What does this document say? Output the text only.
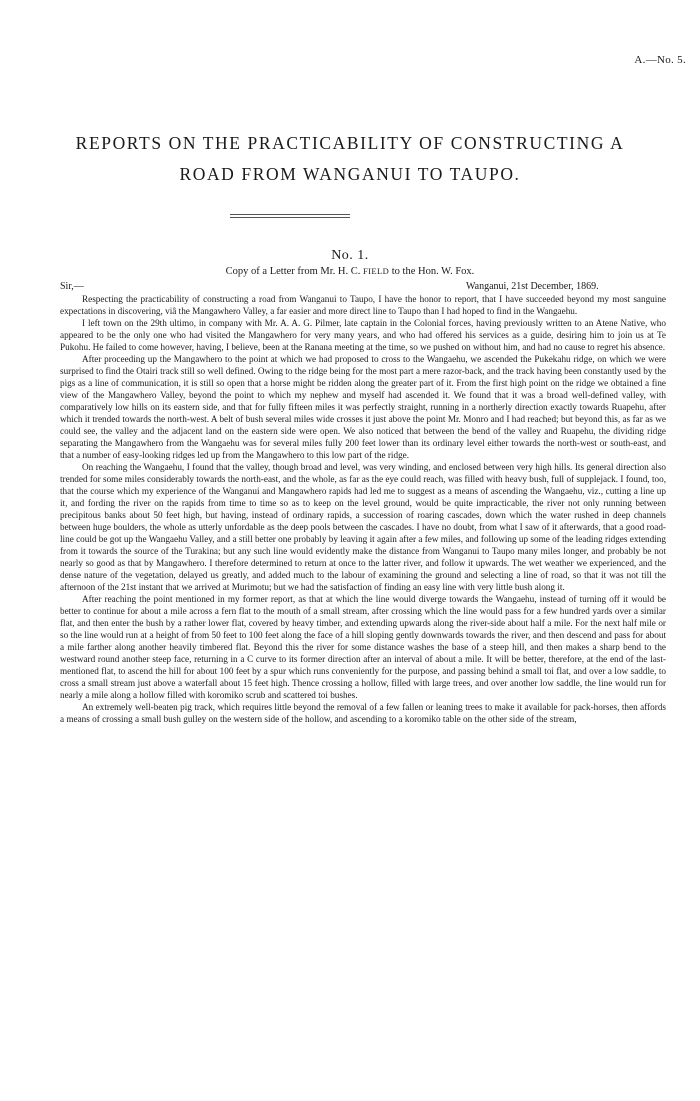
A.—No. 5.
REPORTS ON THE PRACTICABILITY OF CONSTRUCTING A
ROAD FROM WANGANUI TO TAUPO.
No. 1.
Copy of a Letter from Mr. H. C. FIELD to the Hon. W. Fox.
Sir,—	Wanganui, 21st December, 1869.

Respecting the practicability of constructing a road from Wanganui to Taupo, I have the honor to report, that I have succeeded beyond my most sanguine expectations in discovering, viâ the Mangawhero Valley, a far easier and more direct line to Taupo than I had hoped to find in the Wangaehu.

I left town on the 29th ultimo, in company with Mr. A. A. G. Pilmer, late captain in the Colonial forces, having previously written to an Atene Native, who appeared to be the only one who had visited the Mangawhero for very many years, and who had offered his services as a guide, desiring him to join us at Te Pukohu. He failed to come however, having, I believe, been at the Ranana meeting at the time, so we pushed on without him, and had no cause to regret his absence.

After proceeding up the Mangawhero to the point at which we had proposed to cross to the Wangaehu, we ascended the Pukekahu ridge, on which we were surprised to find the Otairi track still so well defined. Owing to the ridge being for the most part a mere razor-back, and the track having been constantly used by the pigs as a line of communication, it is still so open that a horse might be ridden along the greater part of it. From the first high point on the ridge we obtained a fine view of the Mangawhero Valley, beyond the point to which my nephew and myself had ascended it. We found that it was a broad well-defined valley, with comparatively low hills on its eastern side, and that for fully fifteen miles it was perfectly straight, running in a northerly direction exactly towards Ruapehu, after which it trended towards the north-west. A belt of bush several miles wide crosses it just above the point Mr. Monro and I had reached; but beyond this, as far as we could see, the valley and the adjacent land on the eastern side were open. We also noticed that between the bend of the valley and Ruapehu, the dividing ridge separating the Mangawhero from the Wangaehu was for several miles fully 200 feet lower than its ordinary level either towards the north-west or south-east, and that a number of easy-looking ridges led up from the Mangawhero to this low part of the ridge.

On reaching the Wangaehu, I found that the valley, though broad and level, was very winding, and enclosed between very high hills. Its general direction also trended for some miles considerably towards the north-east, and the whole, as far as the eye could reach, was filled with heavy bush, full of supplejack. I found, too, that the course which my experience of the Wanganui and Mangawhero rapids had led me to suggest as a means of ascending the Wangaehu, viz., cutting a line up it, and fording the river on the rapids from time to time so as to keep on the level ground, would be quite impracticable, the river not only running between precipitous banks about 50 feet high, but having, instead of ordinary rapids, a succession of roaring cascades, down which the water rushed in deep channels between huge boulders, the whole as utterly unfordable as the deep pools between the cascades. I have no doubt, from what I saw of it afterwards, that a good road-line could be got up the Wangaehu Valley, and a still better one probably by leaving it again after a few miles, and following up some of the leading ridges extending from it towards the source of the Turakina; but any such line would evidently make the distance from Wanganui to Taupo many miles longer, and probably be not nearly so good as that by Mangawhero. I therefore determined to return at once to the latter river, and follow it upwards. The wet weather we experienced, and the dense nature of the vegetation, delayed us greatly, and added much to the labour of examining the ground and selecting a line of road, so that it was not till the afternoon of the 21st instant that we arrived at Murimotu; but we had the satisfaction of finding an easy line with very little bush along it.

After reaching the point mentioned in my former report, as that at which the line would diverge towards the Wangaehu, instead of turning off it would be better to continue for about a mile across a fern flat to the mouth of a small stream, after crossing which the line would pass for a few hundred yards over a similar flat, and then enter the bush by a rather lower flat, covered by heavy timber, and extending upwards along the river-side about half a mile. For the next half mile or so the line would run at a height of from 50 feet to 100 feet along the face of a hill sloping gently downwards towards the river, and then descend and pass for about a mile farther along another heavily timbered flat. Beyond this the river for some distance washes the base of a steep hill, and then makes a sharp bend to the westward round another steep face, returning in a C curve to its former direction after an interval of about a mile. It will be better, therefore, at the end of the last-mentioned flat, to ascend the hill for about 100 feet by a spur which runs conveniently for the purpose, and passing behind a small toi flat, and over a low saddle, to cross a small stream just above a waterfall about 15 feet high. Thence crossing a hollow, filled with large trees, and over another low saddle, the line would run for nearly a mile along a hollow filled with koromiko scrub and scattered toi bushes.

An extremely well-beaten pig track, which requires little beyond the removal of a few fallen or leaning trees to make it available for pack-horses, then affords a means of crossing a small bush gulley on the western side of the hollow, and ascending to a koromiko table on the other side of the stream,
